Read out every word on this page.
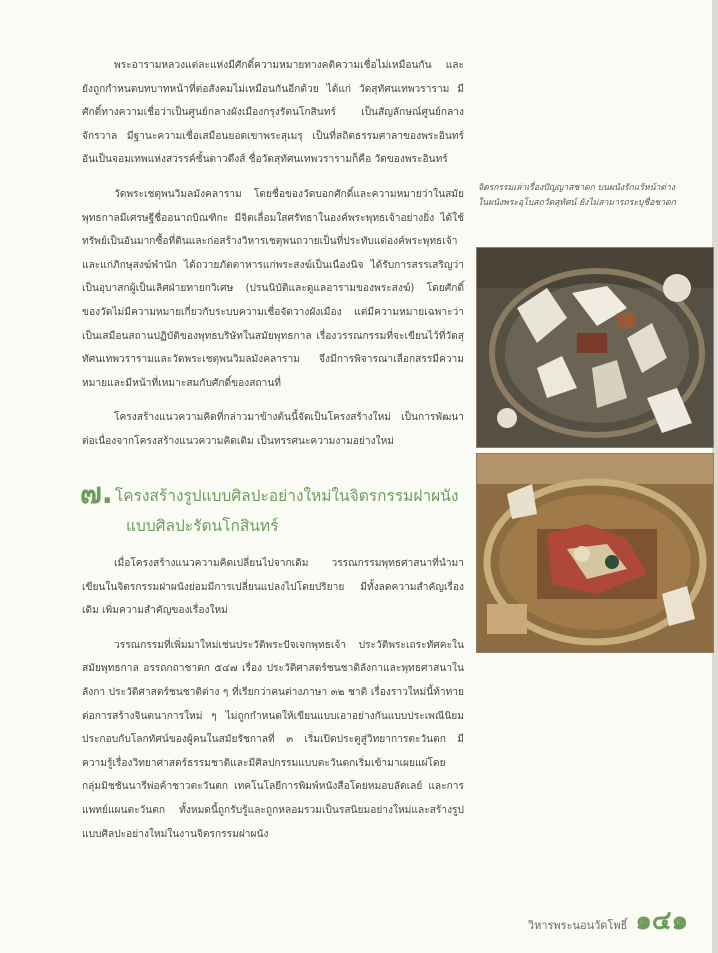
พระอารามหลวงแต่ละแห่งมีศักดิ์ความหมายทางคติความเชื่อไม่เหมือนกัน และยังถูกกำหนดบทบาทหน้าที่ต่อสังคมไม่เหมือนกันอีกด้วย ได้แก่ วัดสุทัศนเทพวราราม มีศักดิ์ทางความเชื่อว่าเป็นศูนย์กลางผังเมืองกรุงรัตนโกสินทร์ เป็นสัญลักษณ์ศูนย์กลางจักรวาล มีฐานะความเชื่อเสมือนยอดเขาพระสุเมรุ เป็นที่สถิตธรรมศาลาของพระอินทร์ อันเป็นจอมเทพแห่งสวรรค์ชั้นดาวดึงส์ ชื่อวัดสุทัศนเทพวรารามก็คือ วัดของพระอินทร์

วัดพระเชตุพนวิมลมังคลาราม โดยชื่อของวัดบอกศักดิ์และความหมายว่าในสมัยพุทธกาลมีเศรษฐีชื่ออนาถบิณฑิกะ มีจิตเลื่อมใสศรัทธาในองค์พระพุทธเจ้าอย่างยิ่ง ได้ใช้ทรัพย์เป็นอันมากซื้อที่ดินและก่อสร้างวิหารเชตุพนถวายเป็นที่ประทับแด่องค์พระพุทธเจ้าและแก่ภิกษุสงฆ์พำนัก ได้ถวายภัตตาหารแก่พระสงฆ์เป็นเนืองนิจ ได้รับการสรรเสริญว่าเป็นอุบาสกผู้เป็นเลิศฝ่ายทายกวิเศษ (ปรนนิบัติและดูแลอารามของพระสงฆ์) โดยศักดิ์ของวัดไม่มีความหมายเกี่ยวกับระบบความเชื่อจัดวางผังเมือง แต่มีความหมายเฉพาะว่าเป็นเสมือนสถานปฏิบัติของพุทธบริษัทในสมัยพุทธกาล เรื่องวรรณกรรมที่จะเขียนไว้ที่วัดสุทัศนเทพวรารามและวัดพระเชตุพนวิมลมังคลาราม จึงมีการพิจารณาเลือกสรรมีความหมายและมีหน้าที่เหมาะสมกับศักดิ์ของสถานที่

โครงสร้างแนวความคิดที่กล่าวมาข้างต้นนี้จัดเป็นโครงสร้างใหม่ เป็นการพัฒนาต่อเนื่องจากโครงสร้างแนวความคิดเดิม เป็นทรรศนะความงามอย่างใหม่

๗. โครงสร้างรูปแบบศิลปะอย่างใหม่ในจิตรกรรมฝาผนัง
แบบศิลปะรัตนโกสินทร์

เมื่อโครงสร้างแนวความคิดเปลี่ยนไปจากเดิม วรรณกรรมพุทธศาสนาที่นำมาเขียนในจิตรกรรมฝาผนังย่อมมีการเปลี่ยนแปลงไปโดยปริยาย มีทั้งลดความสำคัญเรื่องเดิม เพิ่มความสำคัญของเรื่องใหม่

วรรณกรรมที่เพิ่มมาใหม่เช่นประวัติพระปัจเจกพุทธเจ้า ประวัติพระเถระทัศคะในสมัยพุทธกาล อรรถกถาชาดก ๕๔๗ เรื่อง ประวัติศาสตร์ชนชาติลังกาและพุทธศาสนาในลังกา ประวัติศาสตร์ชนชาติต่าง ๆ ที่เรียกว่าคนต่างภาษา ๓๒ ชาติ เรื่องราวใหม่นี้ท้าทายต่อการสร้างจินตนาการใหม่ ๆ ไม่ถูกกำหนดให้เขียนแบบเอาอย่างกันแบบประเพณีนิยม ประกอบกับโลกทัศน์ของผู้คนในสมัยรัชกาลที่ ๓ เริ่มเปิดประตูสู่วิทยาการตะวันตก มีความรู้เรื่องวิทยาศาสตร์ธรรมชาติและมีศิลปกรรมแบบตะวันตกเริ่มเข้ามาเผยแผ่โดยกลุ่มมิชชันนารีพ่อค้าชาวตะวันตก เทคโนโลยีการพิมพ์หนังสือโดยหมอบลัดเลย์ และการแพทย์แผนตะวันตก ทั้งหมดนี้ถูกรับรู้และถูกหลอมรวมเป็นรสนิยมอย่างใหม่และสร้างรูปแบบศิลปะอย่างใหม่ในงานจิตรกรรมฝาผนัง

จิตรกรรมเล่าเรื่องปัญญาสชาดก บนผนังรักแร้หน้าต่างในผนังพระอุโบสถวัดสุทัศน์ ยังไม่สามารถระบุชื่อชาดก
วิหารพระนอนวัดโพธิ์ ๑๔๑
